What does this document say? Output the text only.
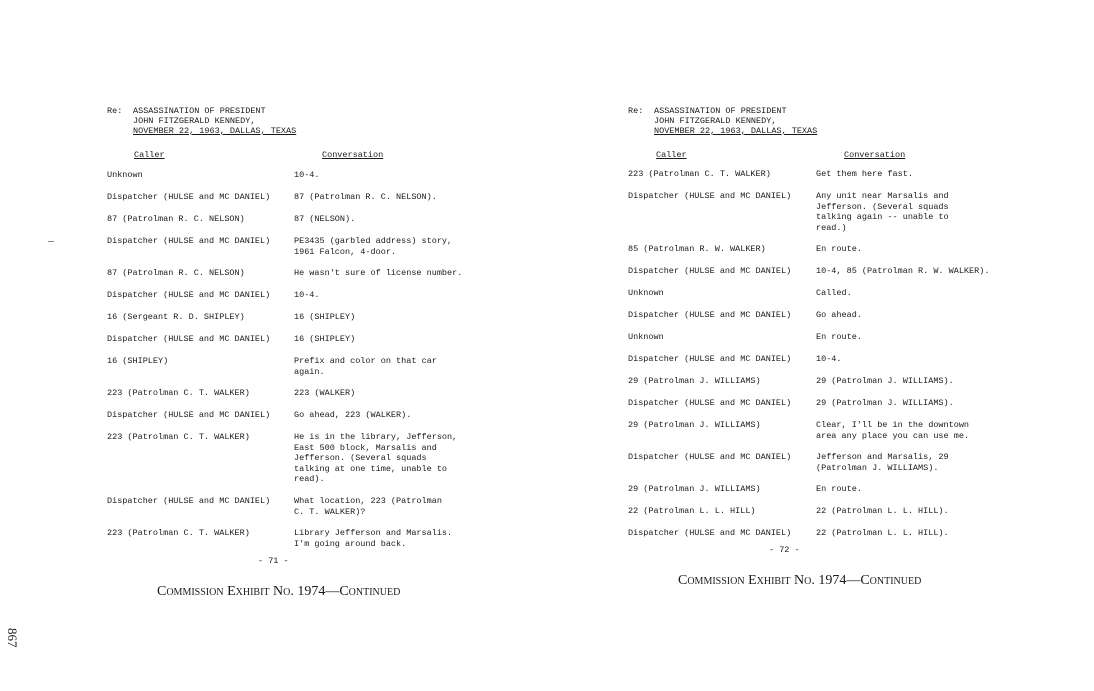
Re: ASSASSINATION OF PRESIDENT
JOHN FITZGERALD KENNEDY,
NOVEMBER 22, 1963, DALLAS, TEXAS
Caller	Conversation
Unknown	10-4.
Dispatcher (HULSE and MC DANIEL)	87 (Patrolman R. C. NELSON).
87 (Patrolman R. C. NELSON)	87 (NELSON).
Dispatcher (HULSE and MC DANIEL)	PE3435 (garbled address) story,
1961 Falcon, 4-door.
87 (Patrolman R. C. NELSON)	He wasn't sure of license number.
Dispatcher (HULSE and MC DANIEL)	10-4.
16 (Sergeant R. D. SHIPLEY)	16 (SHIPLEY)
Dispatcher (HULSE and MC DANIEL)	16 (SHIPLEY)
16 (SHIPLEY)	Prefix and color on that car
again.
223 (Patrolman C. T. WALKER)	223 (WALKER)
Dispatcher (HULSE and MC DANIEL)	Go ahead, 223 (WALKER).
223 (Patrolman C. T. WALKER)	He is in the library, Jefferson,
East 500 block, Marsalis and
Jefferson. (Several squads
talking at one time, unable to
read).
Dispatcher (HULSE and MC DANIEL)	What location, 223 (Patrolman
C. T. WALKER)?
223 (Patrolman C. T. WALKER)	Library Jefferson and Marsalis.
I'm going around back.
- 71 -
Commission Exhibit No. 1974—Continued
Re: ASSASSINATION OF PRESIDENT
JOHN FITZGERALD KENNEDY,
NOVEMBER 22, 1963, DALLAS, TEXAS
Caller	Conversation
223 (Patrolman C. T. WALKER)	Get them here fast.
Dispatcher (HULSE and MC DANIEL)	Any unit near Marsalis and
Jefferson. (Several squads
talking again -- unable to
read.)
85 (Patrolman R. W. WALKER)	En route.
Dispatcher (HULSE and MC DANIEL)	10-4, 85 (Patrolman R. W. WALKER).
Unknown	Called.
Dispatcher (HULSE and MC DANIEL)	Go ahead.
Unknown	En route.
Dispatcher (HULSE and MC DANIEL)	10-4.
29 (Patrolman J. WILLIAMS)	29 (Patrolman J. WILLIAMS).
Dispatcher (HULSE and MC DANIEL)	29 (Patrolman J. WILLIAMS).
29 (Patrolman J. WILLIAMS)	Clear, I'll be in the downtown
area any place you can use me.
Dispatcher (HULSE and MC DANIEL)	Jefferson and Marsalis, 29
(Patrolman J. WILLIAMS).
29 (Patrolman J. WILLIAMS)	En route.
22 (Patrolman L. L. HILL)	22 (Patrolman L. L. HILL).
Dispatcher (HULSE and MC DANIEL)	22 (Patrolman L. L. HILL).
- 72 -
Commission Exhibit No. 1974—Continued
867
